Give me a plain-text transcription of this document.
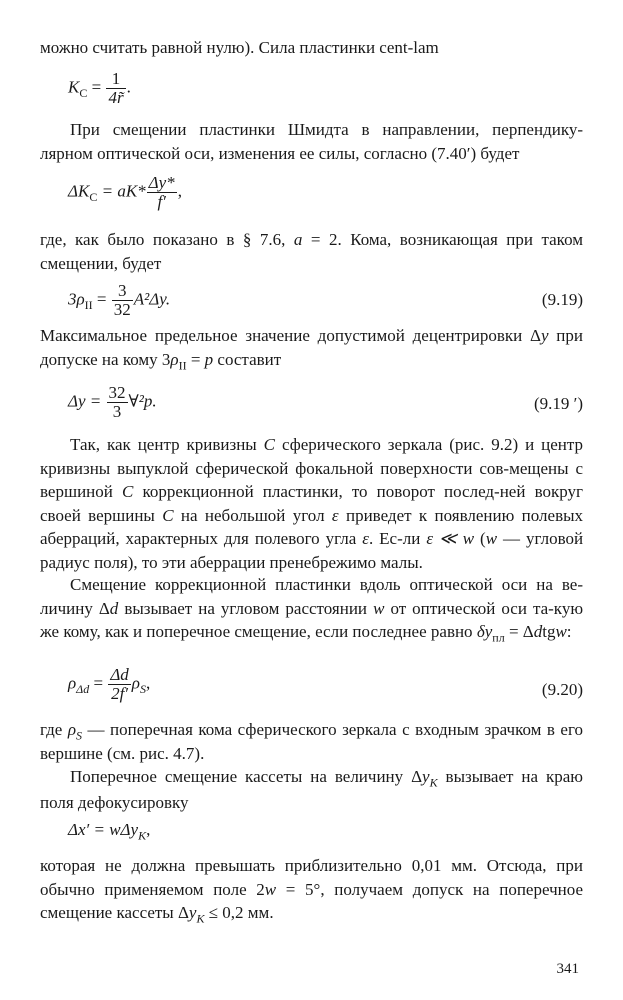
можно считать равной нулю). Сила пластинки cent-lam

$K_C = \frac{1}{4r̃}$ .

При смещении пластинки Шмидта в направлении, перпендику-лярном оптической оси, изменения ее силы, согласно (7.40′) будет

$\Delta K_C = aK* \frac{\Delta y*}{f'}$ ,

где, как было показано в § 7.6, a = 2. Кома, возникающая при таком смещении, будет

$3\rho_{II} = \frac{3}{32} A^2\Delta y$.	(9.19)

Максимальное предельное значение допустимой децентрировки Δy при допуске на кому $3\rho_{II} = p$ составит

$\Delta y = \frac{32}{3}$ ∀²p.	(9.19 ′)

Так, как центр кривизны C сферического зеркала (рис. 9.2) и центр кривизны выпуклой сферической фокальной поверхности сов-мещены с вершиной C коррекционной пластинки, то поворот послед-ней вокруг своей вершины C на небольшой угол ε приведет к появлению полевых аберраций, характерных для полевого угла ε. Ес-ли ε ≪ w (w — угловой радиус поля), то эти аберрации пренебрежимо малы.

Смещение коррекционной пластинки вдоль оптической оси на ве-личину Δd вызывает на угловом расстоянии w от оптической оси та-кую же кому, как и поперечное смещение, если последнее равно $\delta y_{пл}$ = Δdtgw:

$\rho_{\Delta d} = \frac{\Delta d}{2f'} \rho_S$,	(9.20)

где $\rho_S$ — поперечная кома сферического зеркала с входным зрачком в его вершине (см. рис. 4.7).

Поперечное смещение кассеты на величину $\Delta y_K$ вызывает на краю поля дефокусировку

Δx′ = wΔy$_K$,

которая не должна превышать приблизительно 0,01 мм. Отсюда, при обычно применяемом поле 2w = 5°, получаем допуск на поперечное смещение кассеты $\Delta y_K \le 0,2$ мм.

341
